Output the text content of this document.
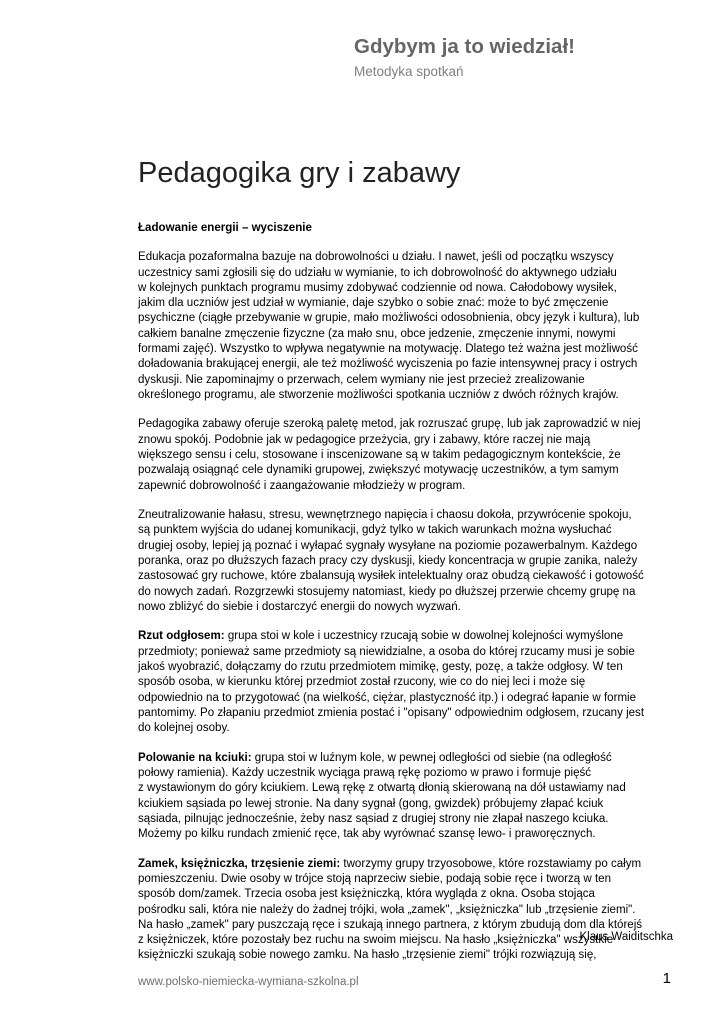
Gdybym ja to wiedział!
Metodyka spotkań
Pedagogika gry i zabawy
Ładowanie energii – wyciszenie
Edukacja pozaformalna bazuje na dobrowolności u działu. I nawet, jeśli od początku wszyscy
uczestnicy sami zgłosili się do udziału w wymianie, to ich dobrowolność do aktywnego udziału
w kolejnych punktach programu musimy zdobywać codziennie od nowa. Całodobowy wysiłek,
jakim dla uczniów jest udział w wymianie, daje szybko o sobie znać: może to być zmęczenie
psychiczne (ciągłe przebywanie w grupie, mało możliwości odosobnienia, obcy język i kultura), lub
całkiem banalne zmęczenie fizyczne (za mało snu, obce jedzenie, zmęczenie innymi, nowymi
formami zajęć). Wszystko to wpływa negatywnie na motywację. Dlatego też ważna jest możliwość
doładowania brakującej energii, ale też możliwość wyciszenia po fazie intensywnej pracy i ostrych
dyskusji. Nie zapominajmy o przerwach, celem wymiany nie jest przecież zrealizowanie
określonego programu, ale stworzenie możliwości spotkania uczniów z dwóch różnych krajów.
Pedagogika zabawy oferuje szeroką paletę metod, jak rozruszać grupę, lub jak zaprowadzić w niej
znowu spokój. Podobnie jak w pedagogice przeżycia, gry i zabawy, które raczej nie mają
większego sensu i celu, stosowane i inscenizowane są w takim pedagogicznym kontekście, że
pozwalają osiągnąć cele dynamiki grupowej, zwiększyć motywację uczestników, a tym samym
zapewnić dobrowolność i zaangażowanie młodzieży w program.
Zneutralizowanie hałasu, stresu, wewnętrznego napięcia i chaosu dokoła, przywrócenie spokoju,
są punktem wyjścia do udanej komunikacji, gdyż tylko w takich warunkach można wysłuchać
drugiej osoby, lepiej ją poznać i wyłapać sygnały wysyłane na poziomie pozawerbalnym. Każdego
poranka, oraz po dłuższych fazach pracy czy dyskusji, kiedy koncentracja w grupie zanika, należy
zastosować gry ruchowe, które zbalansują wysiłek intelektualny oraz obudzą ciekawość i gotowość
do nowych zadań. Rozgrzewki stosujemy natomiast, kiedy po dłuższej przerwie chcemy grupę na
nowo zbliżyć do siebie i dostarczyć energii do nowych wyzwań.
Rzut odgłosem: grupa stoi w kole i uczestnicy rzucają sobie w dowolnej kolejności wymyślone
przedmioty; ponieważ same przedmioty są niewidzialne, a osoba do której rzucamy musi je sobie
jakoś wyobrazić, dołączamy do rzutu przedmiotem mimikę, gesty, pozę, a także odgłosy. W ten
sposób osoba, w kierunku której przedmiot został rzucony, wie co do niej leci i może się
odpowiednio na to przygotować (na wielkość, ciężar, plastyczność itp.) i odegrać łapanie w formie
pantomimy. Po złapaniu przedmiot zmienia postać i "opisany" odpowiednim odgłosem, rzucany jest
do kolejnej osoby.
Polowanie na kciuki: grupa stoi w luźnym kole, w pewnej odległości od siebie (na odległość
połowy ramienia). Każdy uczestnik wyciąga prawą rękę poziomo w prawo i formuje pięść
z wystawionym do góry kciukiem. Lewą rękę z otwartą dłonią skierowaną na dół ustawiamy nad
kciukiem sąsiada po lewej stronie. Na dany sygnał (gong, gwizdek) próbujemy złapać kciuk
sąsiada, pilnując jednocześnie, żeby nasz sąsiad z drugiej strony nie złapał naszego kciuka.
Możemy po kilku rundach zmienić ręce, tak aby wyrównać szansę lewo- i praworęcznych.
Zamek, księżniczka, trzęsienie ziemi: tworzymy grupy trzyosobowe, które rozstawiamy po całym
pomieszczeniu. Dwie osoby w trójce stoją naprzeciw siebie, podają sobie ręce i tworzą w ten
sposób dom/zamek. Trzecia osoba jest księżniczką, która wygląda z okna. Osoba stojąca
pośrodku sali, która nie należy do żadnej trójki, woła „zamek", „księżniczka" lub „trzęsienie ziemi".
Na hasło „zamek" pary puszczają ręce i szukają innego partnera, z którym zbudują dom dla którejś
z księżniczek, które pozostały bez ruchu na swoim miejscu. Na hasło „księżniczka" wszystkie
księżniczki szukają sobie nowego zamku. Na hasło „trzęsienie ziemi" trójki rozwiązują się,
Klaus Waiditschka
www.polsko-niemiecka-wymiana-szkolna.pl	1
